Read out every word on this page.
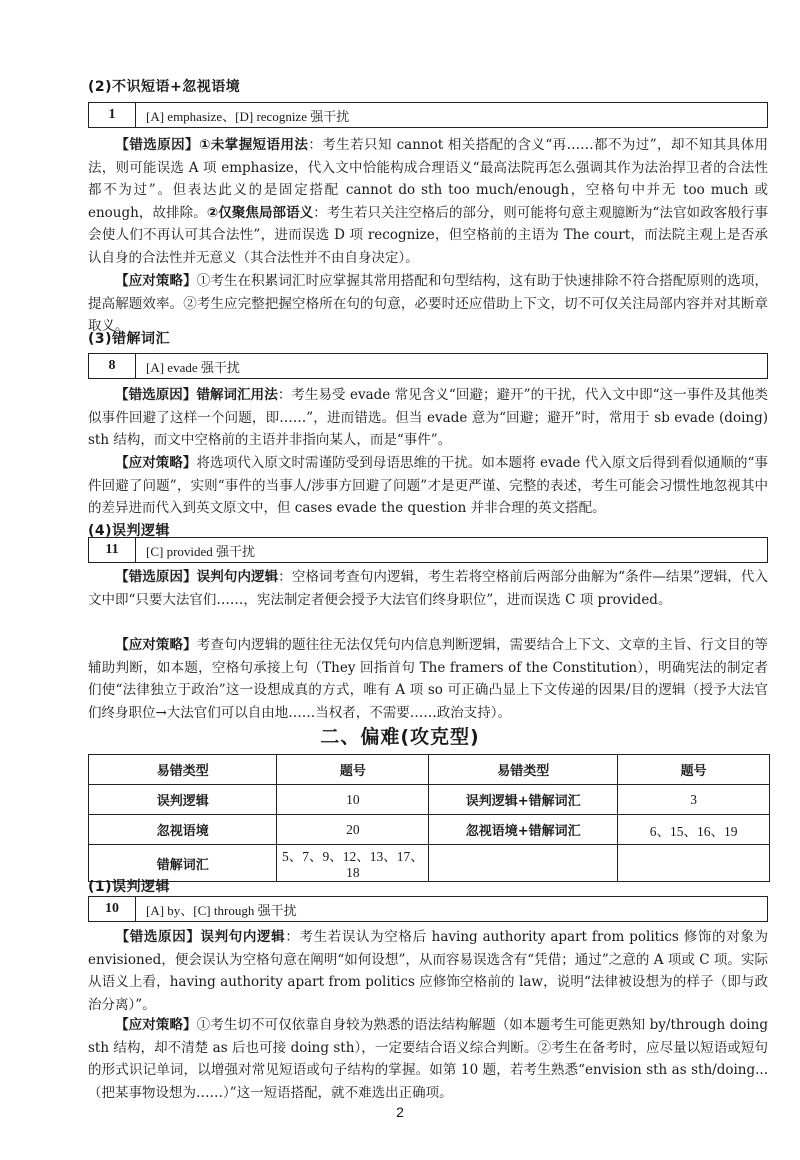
(2)不识短语+忽视语境
1	[A] emphasize、[D] recognize 强干扰
【错选原因】①未掌握短语用法：考生若只知 cannot 相关搭配的含义“再……都不为过”，却不知其具体用法，则可能误选 A 项 emphasize，代入文中恰能构成合理语义“最高法院再怎么强调其作为法治捍卫者的合法性都不为过”。但表达此义的是固定搭配 cannot do sth too much/enough，空格句中并无 too much 或 enough，故排除。②仅聚焦局部语义：考生若只关注空格后的部分，则可能将句意主观臆断为“法官如政客般行事会使人们不再认可其合法性”，进而误选 D 项 recognize，但空格前的主语为 The court，而法院主观上是否承认自身的合法性并无意义（其合法性并不由自身决定）。
【应对策略】①考生在积累词汇时应掌握其常用搭配和句型结构，这有助于快速排除不符合搭配原则的选项，提高解题效率。②考生应完整把握空格所在句的句意，必要时还应借助上下文，切不可仅关注局部内容并对其断章取义。
(3)错解词汇
8	[A] evade 强干扰
【错选原因】错解词汇用法：考生易受 evade 常见含义“回避；避开”的干扰，代入文中即“这一事件及其他类似事件回避了这样一个问题，即……”，进而错选。但当 evade 意为“回避；避开”时，常用于 sb evade (doing) sth 结构，而文中空格前的主语并非指向某人，而是“事件”。
【应对策略】将选项代入原文时需谨防受到母语思维的干扰。如本题将 evade 代入原文后得到看似通顺的“事件回避了问题”，实则“事件的当事人/涉事方回避了问题”才是更严谨、完整的表述，考生可能会习惯性地忽视其中的差异进而代入到英文原文中，但 cases evade the question 并非合理的英文搭配。
(4)误判逻辑
11	[C] provided 强干扰
【错选原因】误判句内逻辑：空格词考查句内逻辑，考生若将空格前后两部分曲解为“条件—结果”逻辑，代入文中即“只要大法官们……，宪法制定者便会授予大法官们终身职位”，进而误选 C 项 provided。
【应对策略】考查句内逻辑的题往往无法仅凭句内信息判断逻辑，需要结合上下文、文章的主旨、行文目的等辅助判断，如本题，空格句承接上句（They 回指首句 The framers of the Constitution），明确宪法的制定者们使“法律独立于政治”这一设想成真的方式，唯有 A 项 so 可正确凸显上下文传递的因果/目的逻辑（授予大法官们终身职位→大法官们可以自由地……当权者，不需要……政治支持）。
二、偏难(攻克型)
易错类型	题号	易错类型	题号
误判逻辑	10	误判逻辑+错解词汇	3
忽视语境	20	忽视语境+错解词汇	6、15、16、19
错解词汇	5、7、9、12、13、17、18		
(1)误判逻辑
10	[A] by、[C] through 强干扰
【错选原因】误判句内逻辑：考生若误认为空格后 having authority apart from politics 修饰的对象为 envisioned，便会误认为空格句意在阐明“如何设想”，从而容易误选含有“凭借；通过”之意的 A 项或 C 项。实际从语义上看，having authority apart from politics 应修饰空格前的 law，说明“法律被设想为的样子（即与政治分离）”。
【应对策略】①考生切不可仅依靠自身较为熟悉的语法结构解题（如本题考生可能更熟知 by/through doing sth 结构，却不清楚 as 后也可接 doing sth），一定要结合语义综合判断。②考生在备考时，应尽量以短语或短句的形式识记单词，以增强对常见短语或句子结构的掌握。如第 10 题，若考生熟悉“envision sth as sth/doing...（把某事物设想为……）”这一短语搭配，就不难选出正确项。
2
